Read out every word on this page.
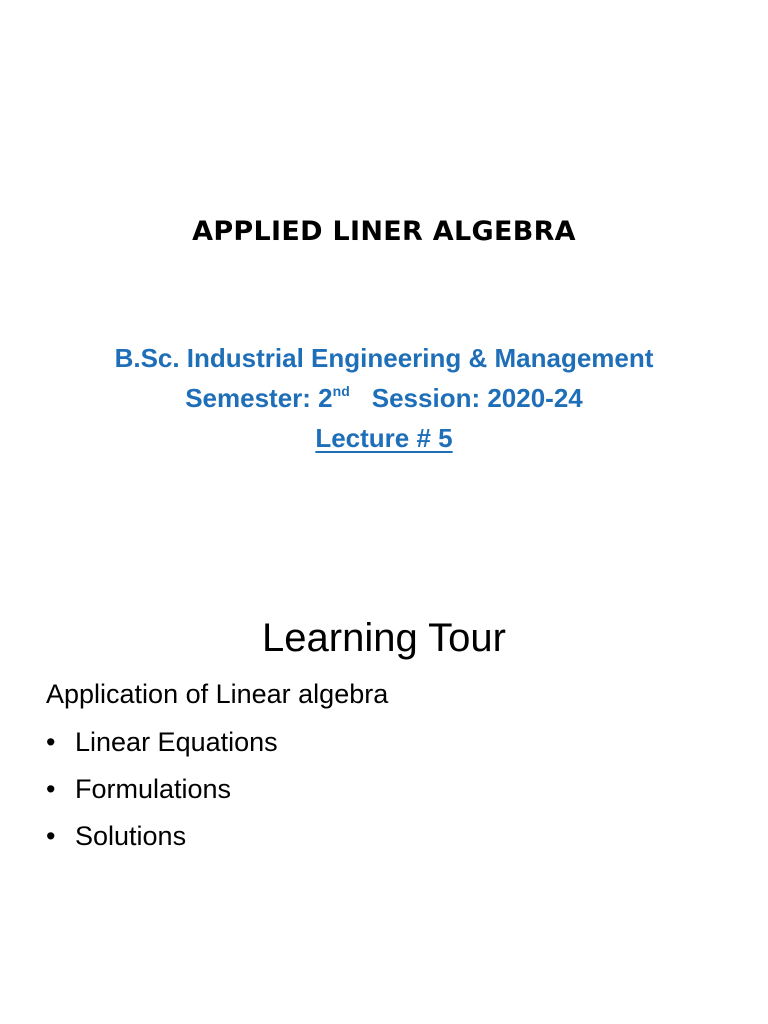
APPLIED LINER ALGEBRA
B.Sc. Industrial Engineering & Management
Semester: 2nd Session: 2020-24
Lecture # 5
Learning Tour
Application of Linear algebra
• Linear Equations
• Formulations
• Solutions
